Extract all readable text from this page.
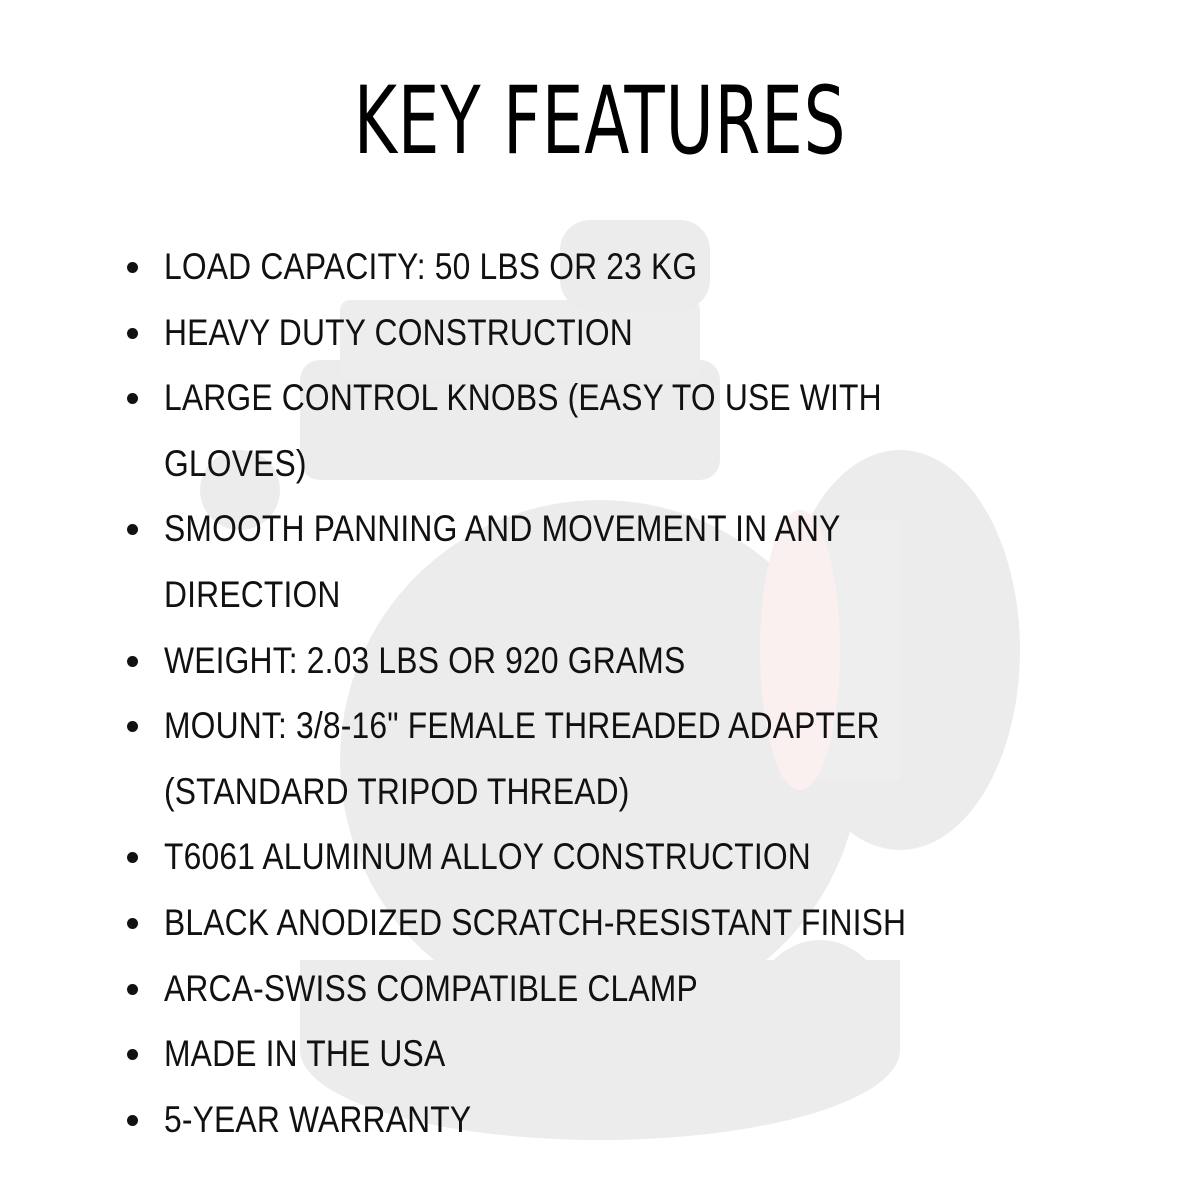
KEY FEATURES
LOAD CAPACITY: 50 LBS OR 23 KG
HEAVY DUTY CONSTRUCTION
LARGE CONTROL KNOBS (EASY TO USE WITH GLOVES)
SMOOTH PANNING AND MOVEMENT IN ANY DIRECTION
WEIGHT: 2.03 LBS OR 920 GRAMS
MOUNT: 3/8-16" FEMALE THREADED ADAPTER (STANDARD TRIPOD THREAD)
T6061 ALUMINUM ALLOY CONSTRUCTION
BLACK ANODIZED SCRATCH-RESISTANT FINISH
ARCA-SWISS COMPATIBLE CLAMP
MADE IN THE USA
5-YEAR WARRANTY
